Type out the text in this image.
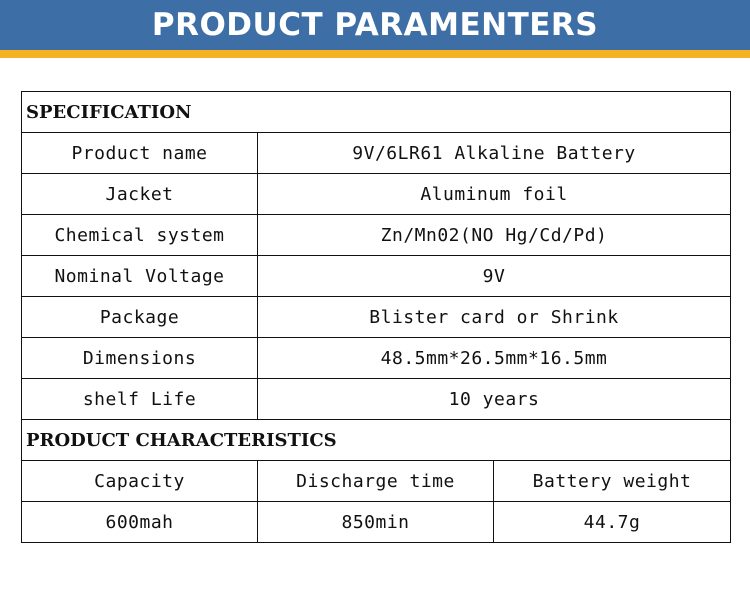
PRODUCT PARAMENTERS
SPECIFICATION		
Product name	9V/6LR61 Alkaline Battery	
Jacket	Aluminum foil	
Chemical system	Zn/Mn02(NO Hg/Cd/Pd)	
Nominal Voltage	9V	
Package	Blister card or Shrink	
Dimensions	48.5mm*26.5mm*16.5mm	
shelf Life	10 years	
PRODUCT CHARACTERISTICS		
Capacity	Discharge time	Battery weight
600mah	850min	44.7g
